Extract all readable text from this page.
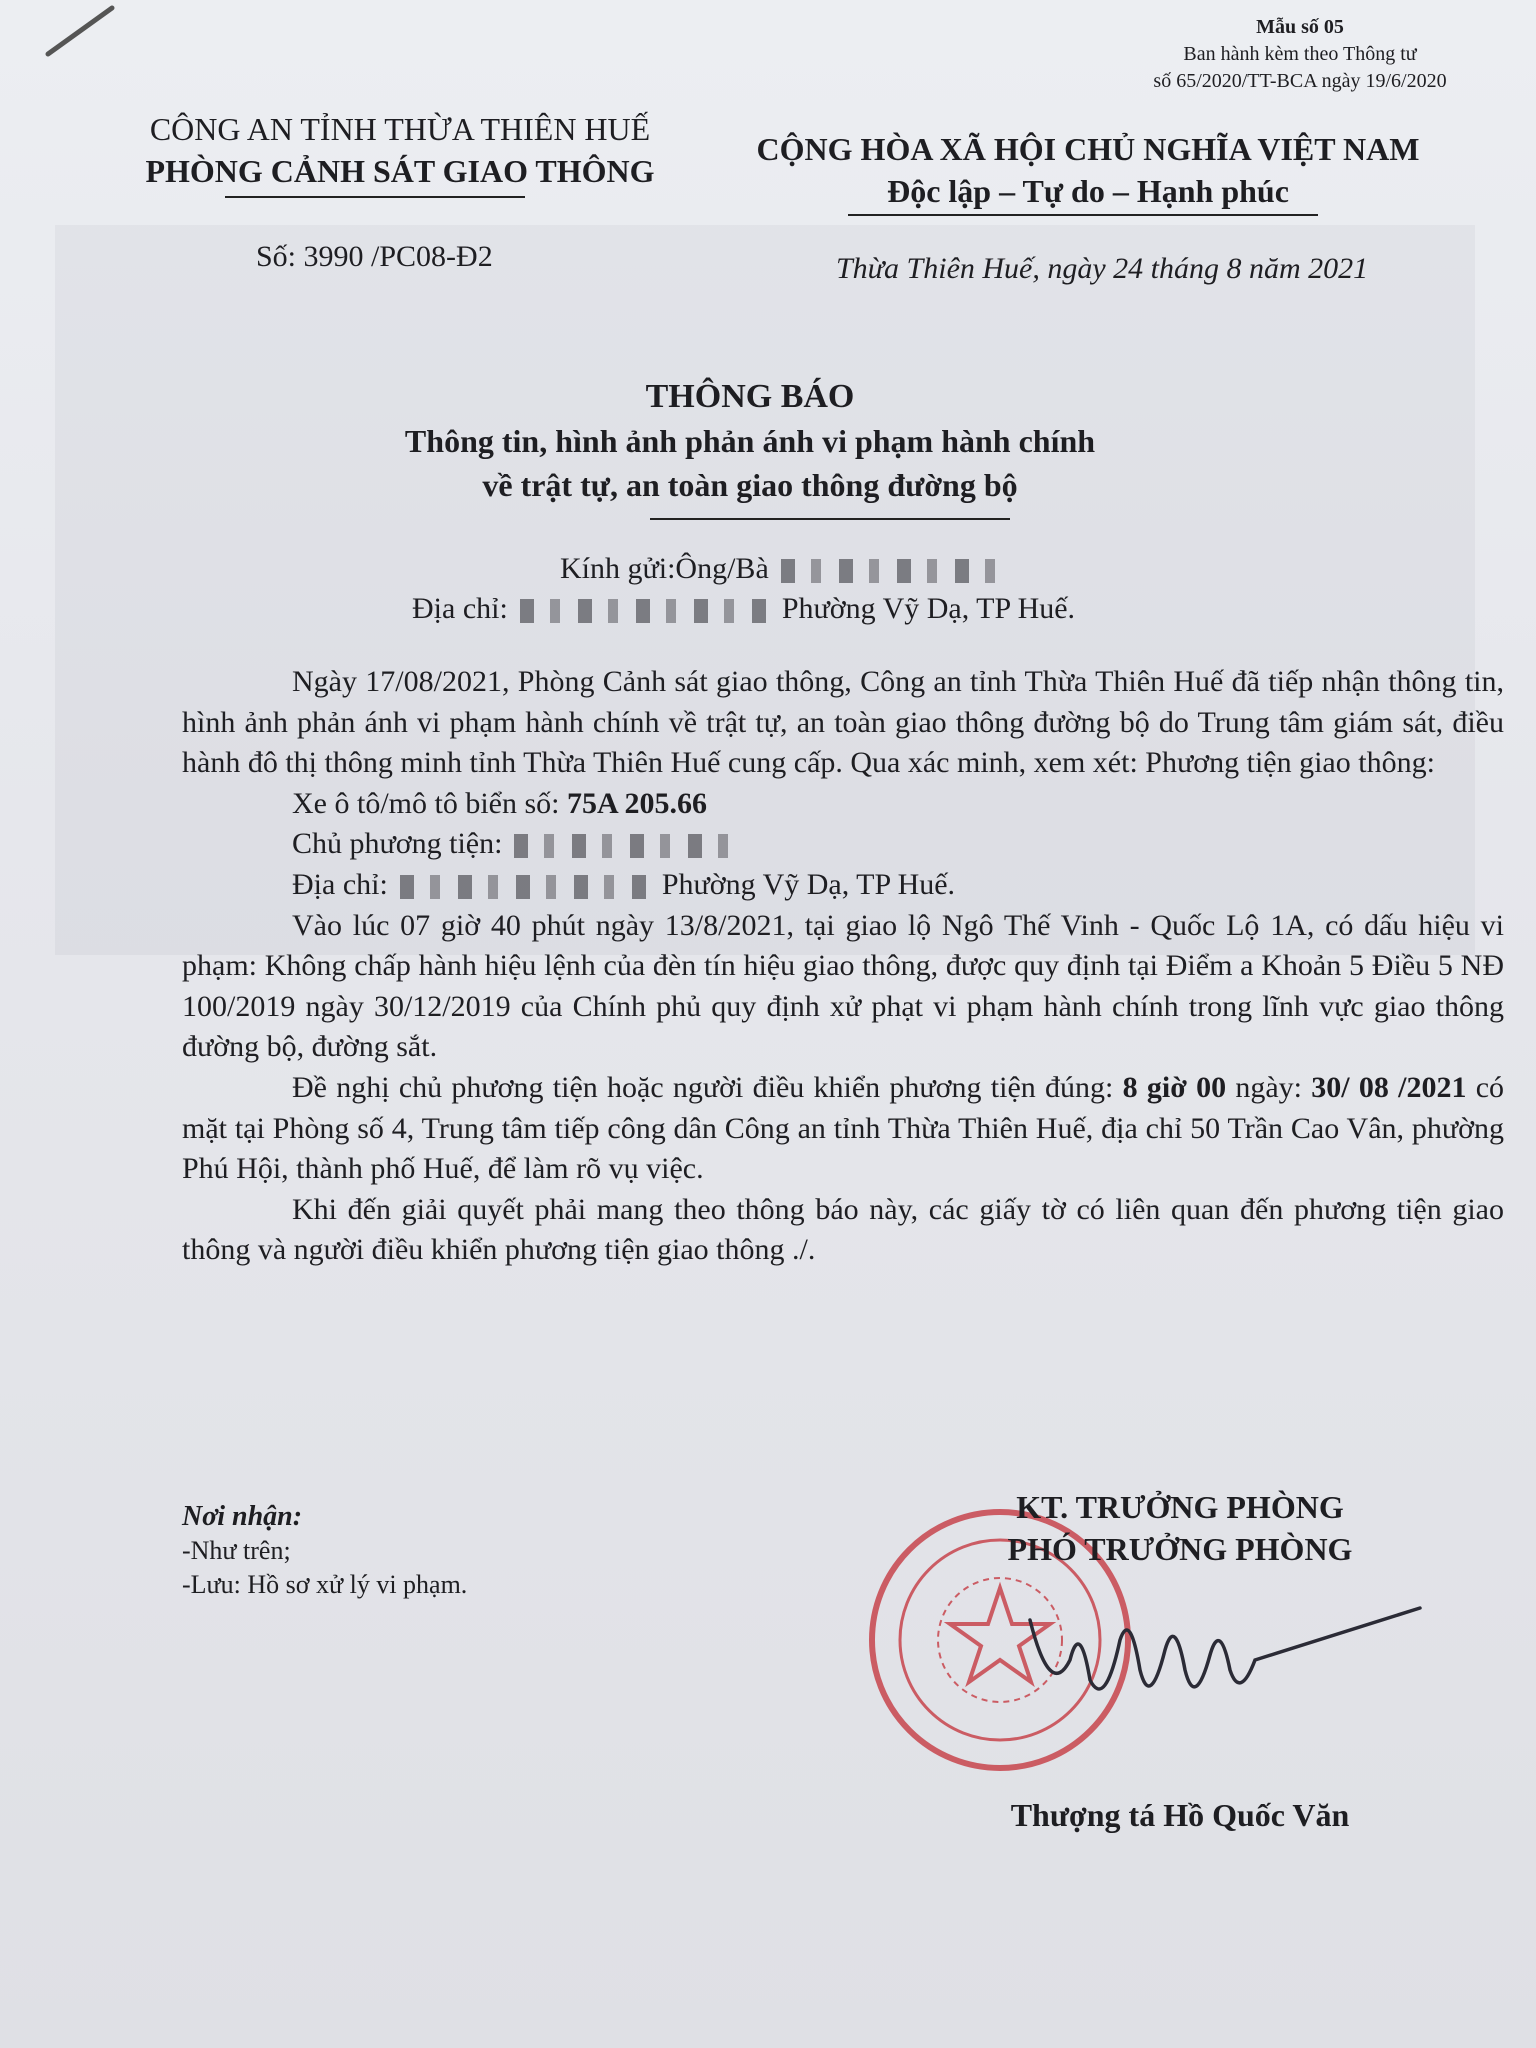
Mẫu số 05
Ban hành kèm theo Thông tư
số 65/2020/TT-BCA ngày 19/6/2020
CÔNG AN TỈNH THỪA THIÊN HUẾ
PHÒNG CẢNH SÁT GIAO THÔNG
CỘNG HÒA XÃ HỘI CHỦ NGHĨA VIỆT NAM
Độc lập – Tự do – Hạnh phúc
Số: 3990 /PC08-Đ2	Thừa Thiên Huế, ngày 24 tháng 8 năm 2021
THÔNG BÁO
Thông tin, hình ảnh phản ánh vi phạm hành chính
về trật tự, an toàn giao thông đường bộ
Kính gửi:Ông/Bà
Địa chỉ:	Phường Vỹ Dạ, TP Huế.

Ngày 17/08/2021, Phòng Cảnh sát giao thông, Công an tỉnh Thừa Thiên Huế đã tiếp nhận thông tin, hình ảnh phản ánh vi phạm hành chính về trật tự, an toàn giao thông đường bộ do Trung tâm giám sát, điều hành đô thị thông minh tỉnh Thừa Thiên Huế cung cấp. Qua xác minh, xem xét: Phương tiện giao thông:

Xe ô tô/mô tô biển số: 75A 205.66
Chủ phương tiện:
Địa chỉ:	Phường Vỹ Dạ, TP Huế.

Vào lúc 07 giờ 40 phút ngày 13/8/2021, tại giao lộ Ngô Thế Vinh - Quốc Lộ 1A, có dấu hiệu vi phạm: Không chấp hành hiệu lệnh của đèn tín hiệu giao thông, được quy định tại Điểm a Khoản 5 Điều 5 NĐ 100/2019 ngày 30/12/2019 của Chính phủ quy định xử phạt vi phạm hành chính trong lĩnh vực giao thông đường bộ, đường sắt.

Đề nghị chủ phương tiện hoặc người điều khiển phương tiện đúng: 8 giờ 00 ngày: 30/ 08 /2021 có mặt tại Phòng số 4, Trung tâm tiếp công dân Công an tỉnh Thừa Thiên Huế, địa chỉ 50 Trần Cao Vân, phường Phú Hội, thành phố Huế, để làm rõ vụ việc.

Khi đến giải quyết phải mang theo thông báo này, các giấy tờ có liên quan đến phương tiện giao thông và người điều khiển phương tiện giao thông ./.

Nơi nhận:
-Như trên;
-Lưu: Hồ sơ xử lý vi phạm.
KT. TRƯỞNG PHÒNG
PHÓ TRƯỞNG PHÒNG
Thượng tá Hồ Quốc Văn
